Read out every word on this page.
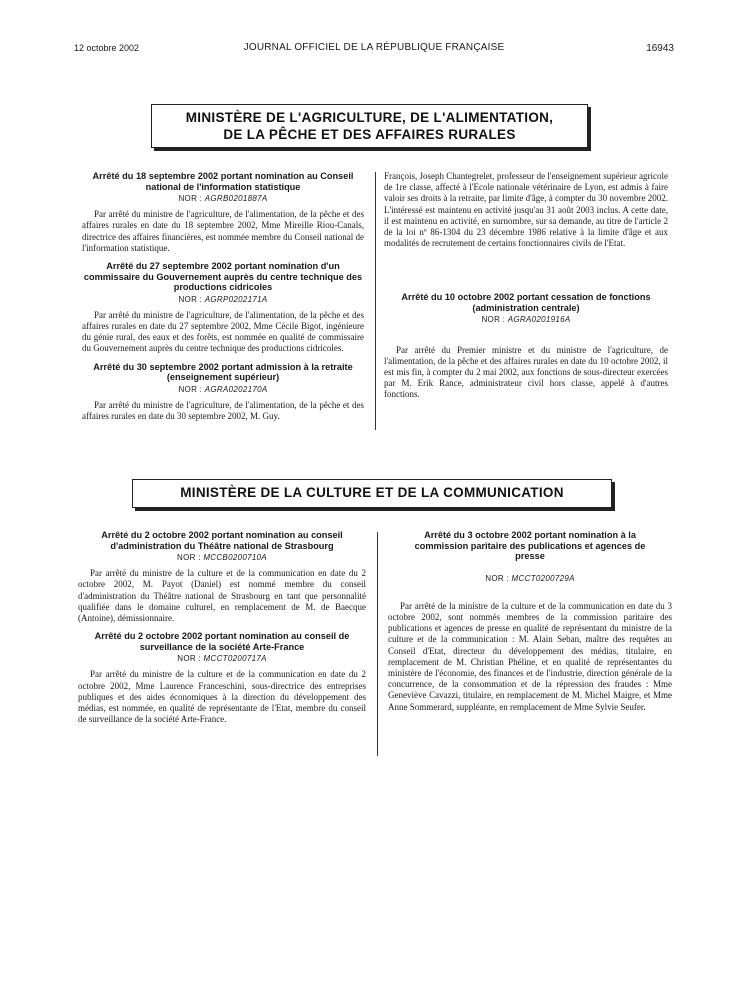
12 octobre 2002	JOURNAL OFFICIEL DE LA RÉPUBLIQUE FRANÇAISE	16943
MINISTÈRE DE L'AGRICULTURE, DE L'ALIMENTATION,
DE LA PÊCHE ET DES AFFAIRES RURALES

Arrêté du 18 septembre 2002 portant nomination au Conseil national de l'information statistique

NOR : AGRB0201887A

Par arrêté du ministre de l'agriculture, de l'alimentation, de la pêche et des affaires rurales en date du 18 septembre 2002, Mme Mireille Riou-Canals, directrice des affaires financières, est nommée membre du Conseil national de l'information statistique.

Arrêté du 27 septembre 2002 portant nomination d'un commissaire du Gouvernement auprès du centre technique des productions cidricoles

NOR : AGRP0202171A

Par arrêté du ministre de l'agriculture, de l'alimentation, de la pêche et des affaires rurales en date du 27 septembre 2002, Mme Cécile Bigot, ingénieure du génie rural, des eaux et des forêts, est nommée en qualité de commissaire du Gouvernement auprès du centre technique des productions cidricoles.

Arrêté du 30 septembre 2002 portant admission à la retraite (enseignement supérieur)

NOR : AGRA0202170A

Par arrêté du ministre de l'agriculture, de l'alimentation, de la pêche et des affaires rurales en date du 30 septembre 2002, M. Guy.

François, Joseph Chantegrelet, professeur de l'enseignement supérieur agricole de 1re classe, affecté à l'Ecole nationale vétérinaire de Lyon, est admis à faire valoir ses droits à la retraite, par limite d'âge, à compter du 30 novembre 2002. L'intéressé est maintenu en activité jusqu'au 31 août 2003 inclus. A cette date, il est maintenu en activité, en surnombre, sur sa demande, au titre de l'article 2 de la loi nº 86-1304 du 23 décembre 1986 relative à la limite d'âge et aux modalités de recrutement de certains fonctionnaires civils de l'Etat.

Arrêté du 10 octobre 2002 portant cessation de fonctions (administration centrale)

NOR : AGRA0201916A

Par arrêté du Premier ministre et du ministre de l'agriculture, de l'alimentation, de la pêche et des affaires rurales en date du 10 octobre 2002, il est mis fin, à compter du 2 mai 2002, aux fonctions de sous-directeur exercées par M. Erik Rance, administrateur civil hors classe, appelé à d'autres fonctions.

MINISTÈRE DE LA CULTURE ET DE LA COMMUNICATION

Arrêté du 2 octobre 2002 portant nomination au conseil d'administration du Théâtre national de Strasbourg

NOR : MCCB0200710A

Par arrêté du ministre de la culture et de la communication en date du 2 octobre 2002, M. Payot (Daniel) est nommé membre du conseil d'administration du Théâtre national de Strasbourg en tant que personnalité qualifiée dans le domaine culturel, en remplacement de M. de Baecque (Antoine), démissionnaire.

Arrêté du 2 octobre 2002 portant nomination au conseil de surveillance de la société Arte-France

NOR : MCCT0200717A

Par arrêté du ministre de la culture et de la communication en date du 2 octobre 2002, Mme Laurence Franceschini, sous-directrice des entreprises publiques et des aides économiques à la direction du développement des médias, est nommée, en qualité de représentante de l'Etat, membre du conseil de surveillance de la société Arte-France.

Arrêté du 3 octobre 2002 portant nomination à la commission paritaire des publications et agences de presse

NOR : MCCT0200729A

Par arrêté de la ministre de la culture et de la communication en date du 3 octobre 2002, sont nommés membres de la commission paritaire des publications et agences de presse en qualité de représentant du ministre de la culture et de la communication : M. Alain Seban, maître des requêtes au Conseil d'Etat, directeur du développement des médias, titulaire, en remplacement de M. Christian Phéline, et en qualité de représentantes du ministère de l'économie, des finances et de l'industrie, direction générale de la concurrence, de la consommation et de la répression des fraudes : Mme Geneviève Cavazzi, titulaire, en remplacement de M. Michel Maigre, et Mme Anne Sommerard, suppléante, en remplacement de Mme Sylvie Seufer.
